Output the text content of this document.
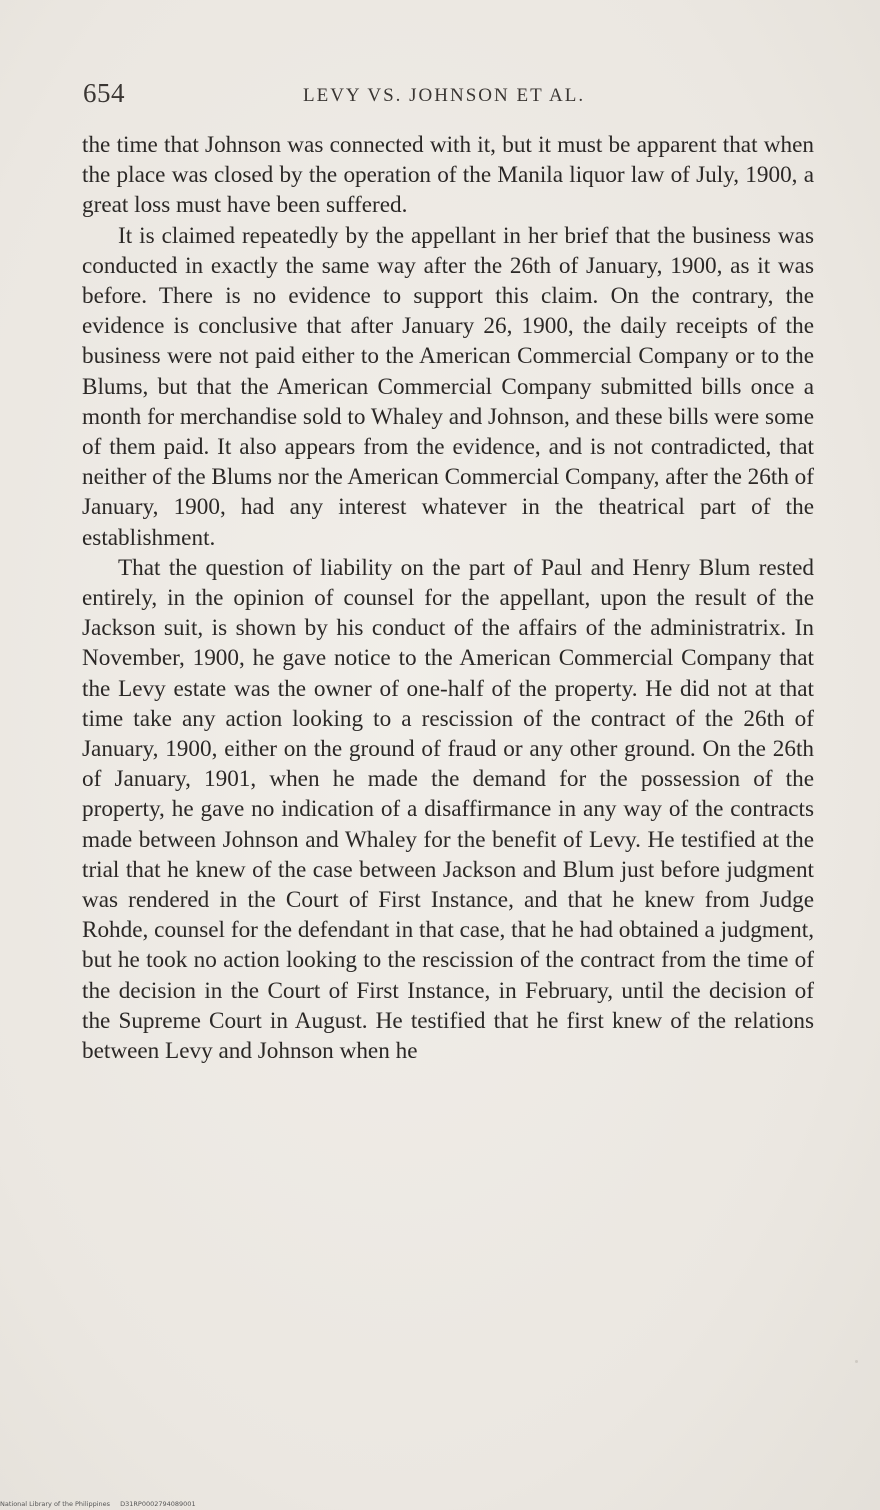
654	LEVY VS. JOHNSON ET AL.

the time that Johnson was connected with it, but it must be apparent that when the place was closed by the operation of the Manila liquor law of July, 1900, a great loss must have been suffered.

It is claimed repeatedly by the appellant in her brief that the business was conducted in exactly the same way after the 26th of January, 1900, as it was before. There is no evidence to support this claim. On the contrary, the evidence is conclusive that after January 26, 1900, the daily receipts of the business were not paid either to the American Commercial Company or to the Blums, but that the American Commercial Company submitted bills once a month for merchandise sold to Whaley and Johnson, and these bills were some of them paid. It also appears from the evidence, and is not contradicted, that neither of the Blums nor the American Commercial Company, after the 26th of January, 1900, had any interest whatever in the theatrical part of the establishment.

That the question of liability on the part of Paul and Henry Blum rested entirely, in the opinion of counsel for the appellant, upon the result of the Jackson suit, is shown by his conduct of the affairs of the administratrix. In November, 1900, he gave notice to the American Commercial Company that the Levy estate was the owner of one-half of the property. He did not at that time take any action looking to a rescission of the contract of the 26th of January, 1900, either on the ground of fraud or any other ground. On the 26th of January, 1901, when he made the demand for the possession of the property, he gave no indication of a disaffirmance in any way of the contracts made between Johnson and Whaley for the benefit of Levy. He testified at the trial that he knew of the case between Jackson and Blum just before judgment was rendered in the Court of First Instance, and that he knew from Judge Rohde, counsel for the defendant in that case, that he had obtained a judgment, but he took no action looking to the rescission of the contract from the time of the decision in the Court of First Instance, in February, until the decision of the Supreme Court in August. He testified that he first knew of the relations between Levy and Johnson when he

National Library of the Philippines D31RP0002794089001
